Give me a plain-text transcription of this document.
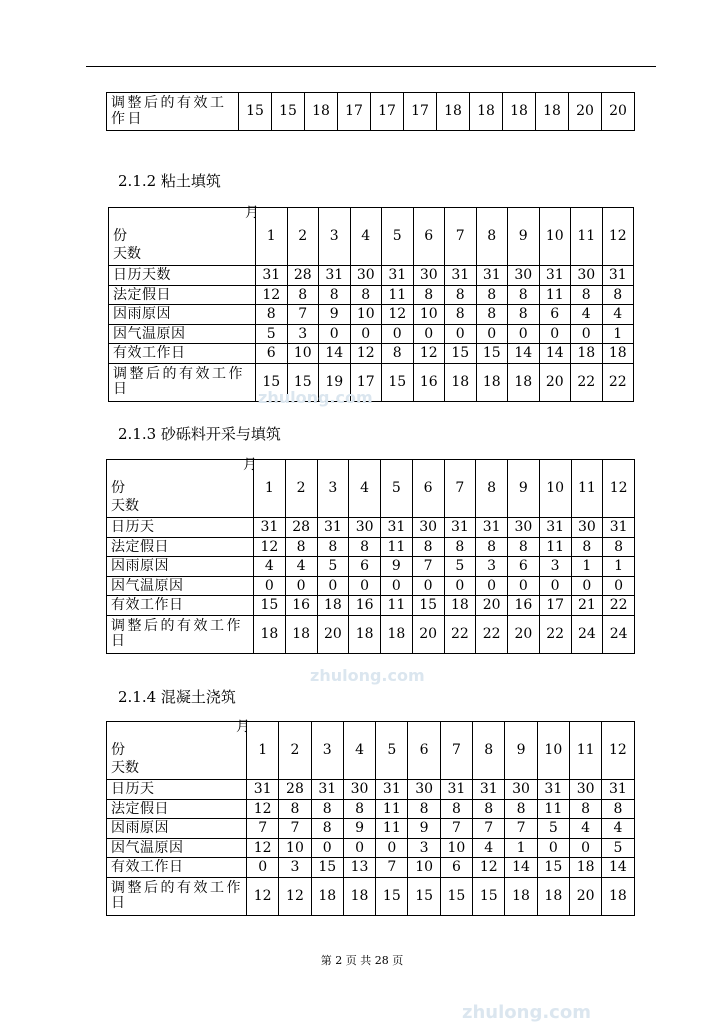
调整后的有效工作日	15	15	18	17	17	17	18	18	18	18	20	20
2.1.2 粘土填筑
月
份
天数	1	2	3	4	5	6	7	8	9	10	11	12
日历天数	31	28	31	30	31	30	31	31	30	31	30	31
法定假日	12	8	8	8	11	8	8	8	8	11	8	8
因雨原因	8	7	9	10	12	10	8	8	8	6	4	4
因气温原因	5	3	0	0	0	0	0	0	0	0	0	1
有效工作日	6	10	14	12	8	12	15	15	14	14	18	18
调整后的有效工作日	15	15	19	17	15	16	18	18	18	20	22	22
2.1.3 砂砾料开采与填筑
月
份
天数	1	2	3	4	5	6	7	8	9	10	11	12
日历天	31	28	31	30	31	30	31	31	30	31	30	31
法定假日	12	8	8	8	11	8	8	8	8	11	8	8
因雨原因	4	4	5	6	9	7	5	3	6	3	1	1
因气温原因	0	0	0	0	0	0	0	0	0	0	0	0
有效工作日	15	16	18	16	11	15	18	20	16	17	21	22
调整后的有效工作日	18	18	20	18	18	20	22	22	20	22	24	24
2.1.4 混凝土浇筑
月
份
天数	1	2	3	4	5	6	7	8	9	10	11	12
日历天	31	28	31	30	31	30	31	31	30	31	30	31
法定假日	12	8	8	8	11	8	8	8	8	11	8	8
因雨原因	7	7	8	9	11	9	7	7	7	5	4	4
因气温原因	12	10	0	0	0	3	10	4	1	0	0	5
有效工作日	0	3	15	13	7	10	6	12	14	15	18	14
调整后的有效工作日	12	12	18	18	15	15	15	15	18	18	20	18
第 2 页 共 28 页
zhulong.com
zhulong.com
zhulong.com
